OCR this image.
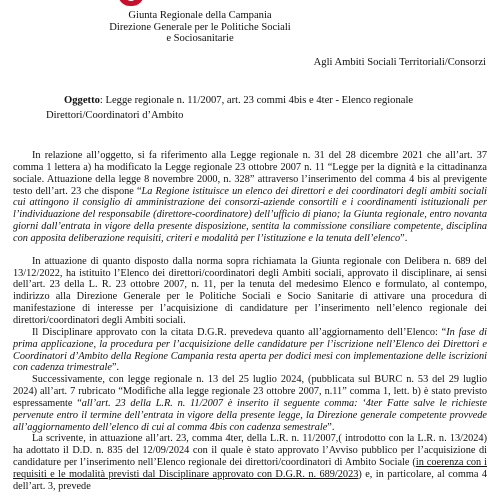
Giunta Regionale della Campania
Direzione Generale per le Politiche Sociali
e Sociosanitarie
Agli Ambiti Sociali Territoriali/Consorzi
Oggetto: Legge regionale n. 11/2007, art. 23 commi 4bis e 4ter - Elenco regionale
Direttori/Coordinatori d’Ambito

In relazione all’oggetto, si fa riferimento alla Legge regionale n. 31 del 28 dicembre 2021 che all’art. 37 comma 1 lettera a) ha modificato la Legge regionale 23 ottobre 2007 n. 11 “Legge per la dignità e la cittadinanza sociale. Attuazione della legge 8 novembre 2000, n. 328” attraverso l’inserimento del comma 4 bis al previgente testo dell’art. 23 che dispone “La Regione istituisce un elenco dei direttori e dei coordinatori degli ambiti sociali cui attingono il consiglio di amministrazione dei consorzi-aziende consortili e i coordinamenti istituzionali per l’individuazione del responsabile (direttore-coordinatore) dell’ufficio di piano; la Giunta regionale, entro novanta giorni dall’entrata in vigore della presente disposizione, sentita la commissione consiliare competente, disciplina con apposita deliberazione requisiti, criteri e modalità per l’istituzione e la tenuta dell’elenco”.

In attuazione di quanto disposto dalla norma sopra richiamata la Giunta regionale con Delibera n. 689 del 13/12/2022, ha istituito l’Elenco dei direttori/coordinatori degli Ambiti sociali, approvato il disciplinare, ai sensi dell’art. 23 della L. R. 23 ottobre 2007, n. 11, per la tenuta del medesimo Elenco e formulato, al contempo, indirizzo alla Direzione Generale per le Politiche Sociali e Socio Sanitarie di attivare una procedura di manifestazione di interesse per l’acquisizione di candidature per l’inserimento nell’elenco regionale dei direttori/coordinatori degli Ambiti sociali.

Il Disciplinare approvato con la citata D.G.R. prevedeva quanto all’aggiornamento dell’Elenco: “In fase di prima applicazione, la procedura per l’acquisizione delle candidature per l’iscrizione nell’Elenco dei Direttori e Coordinatori d’Ambito della Regione Campania resta aperta per dodici mesi con implementazione delle iscrizioni con cadenza trimestrale”.

Successivamente, con legge regionale n. 13 del 25 luglio 2024, (pubblicata sul BURC n. 53 del 29 luglio 2024) all’art. 7 rubricato “Modifiche alla legge regionale 23 ottobre 2007, n.11” comma 1, lett. b) è stato previsto espressamente “all’art. 23 della L.R. n. 11/2007 è inserito il seguente comma: ‘4ter Fatte salve le richieste pervenute entro il termine dell’entrata in vigore della presente legge, la Direzione generale competente provvede all’aggiornamento dell’elenco di cui al comma 4bis con cadenza semestrale”.

La scrivente, in attuazione all’art. 23, comma 4ter, della L.R. n. 11/2007,( introdotto con la L.R. n. 13/2024) ha adottato il D.D. n. 835 del 12/09/2024 con il quale è stato approvato l’Avviso pubblico per l’acquisizione di candidature per l’inserimento nell’Elenco regionale dei direttori/coordinatori di Ambito Sociale (in coerenza con i requisiti e le modalità previsti dal Disciplinare approvato con D.G.R. n. 689/2023) e, in particolare, al comma 4 dell’art. 3, prevede
